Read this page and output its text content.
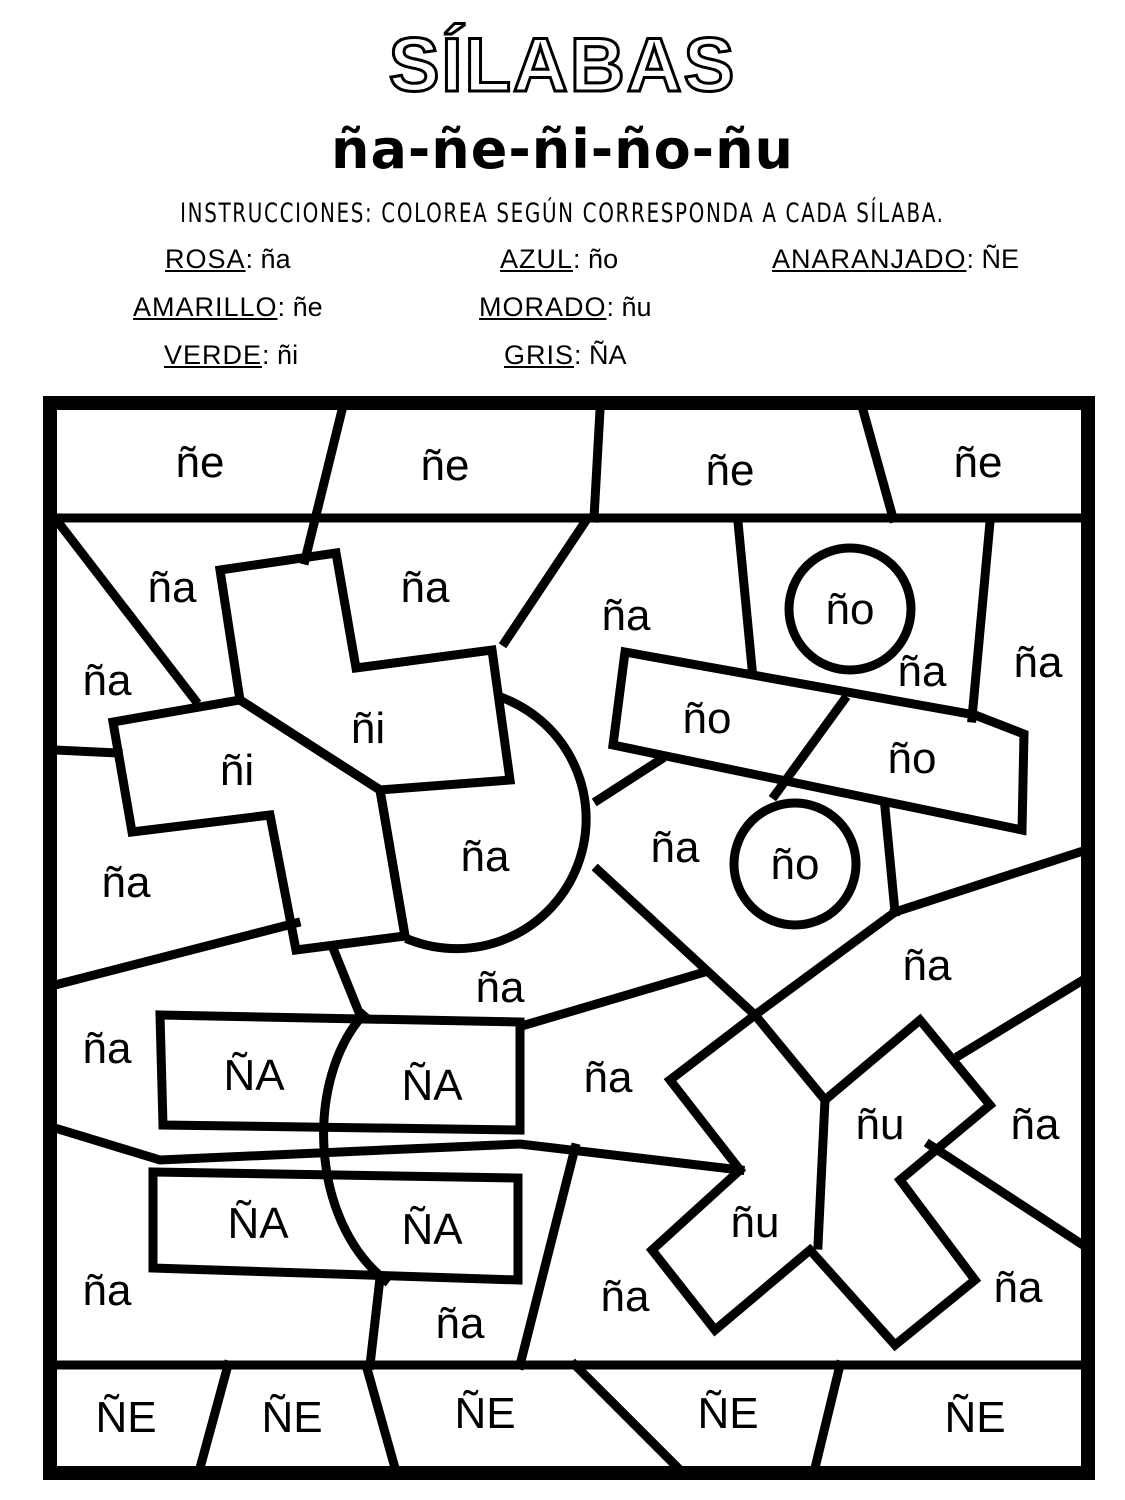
SÍLABAS
ña-ñe-ñi-ño-ñu
INSTRUCCIONES: COLOREA SEGÚN CORRESPONDA A CADA SÍLABA.
ROSA: ña	AZUL: ño	ANARANJADO: ÑE
AMARILLO: ñe	MORADO: ñu
VERDE: ñi	GRIS: ÑA
ñe	ñe	ñe	ñe
ña	ña
ña	ño
ña ña
ña
ñi
ñi
ño
ño
ña
ña	ña ño
ña
ña
ña
ÑA	ÑA	ña
ñu ña
ÑA	ÑA	ñu
ña	ña
ña
ña
ÑE ÑE	ÑE	ÑE	ÑE
